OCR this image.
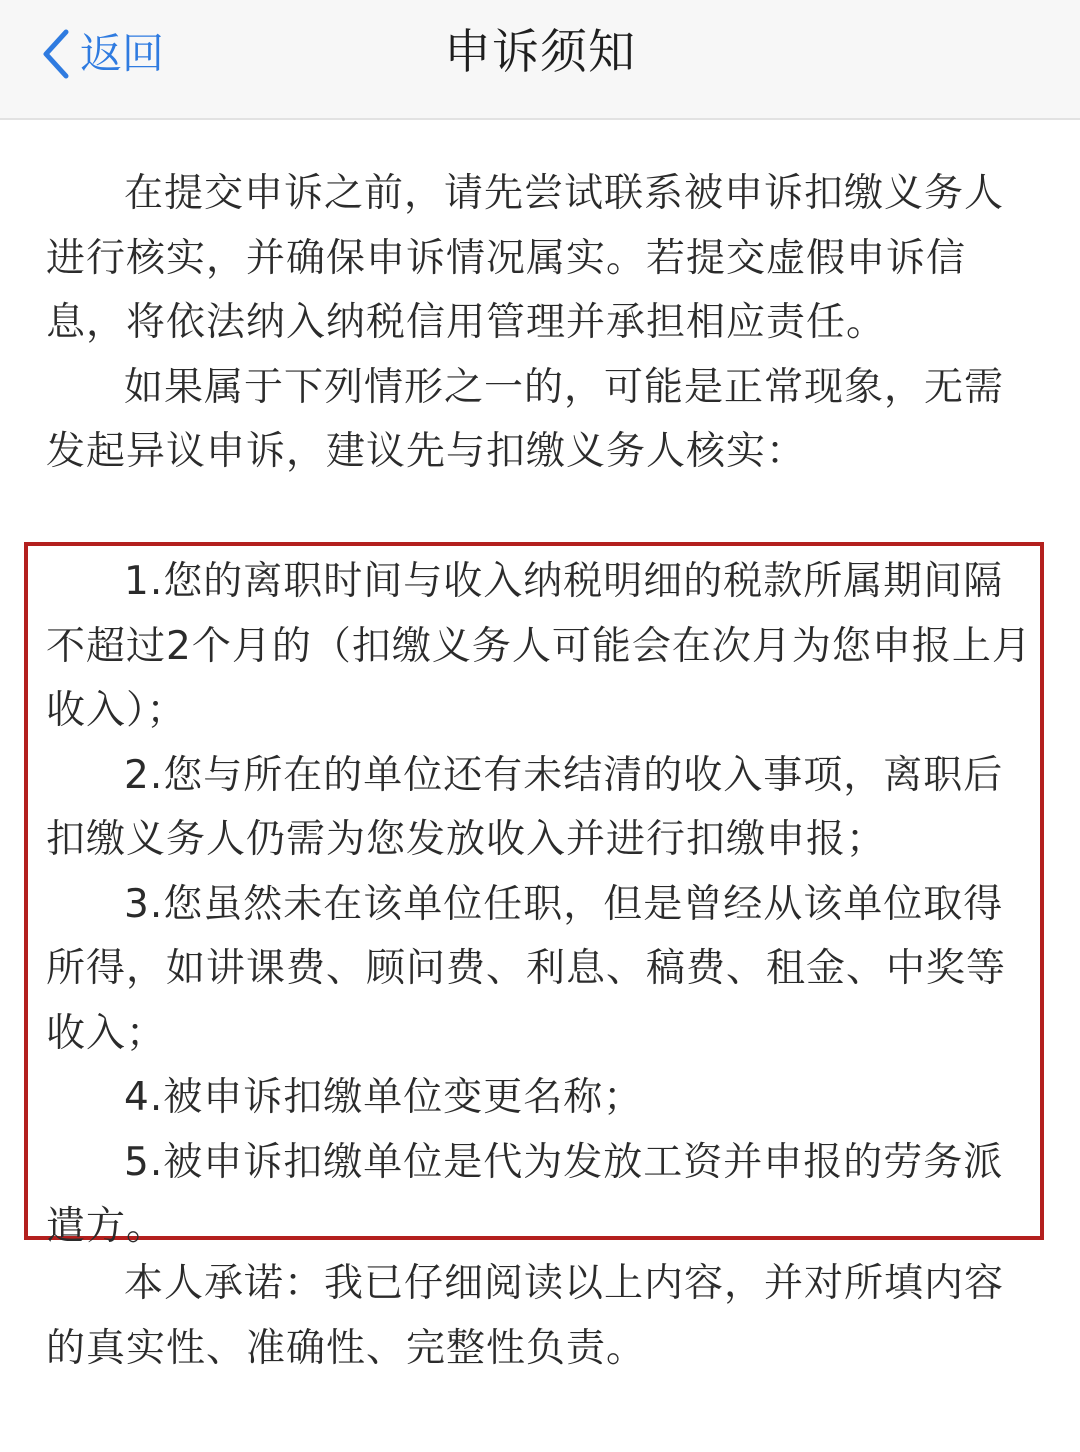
返回	申诉须知

在提交申诉之前，请先尝试联系被申诉扣缴义务人进行核实，并确保申诉情况属实。若提交虚假申诉信息，将依法纳入纳税信用管理并承担相应责任。

如果属于下列情形之一的，可能是正常现象，无需发起异议申诉，建议先与扣缴义务人核实：

1.您的离职时间与收入纳税明细的税款所属期间隔不超过2个月的（扣缴义务人可能会在次月为您申报上月收入）；

2.您与所在的单位还有未结清的收入事项，离职后扣缴义务人仍需为您发放收入并进行扣缴申报；

3.您虽然未在该单位任职，但是曾经从该单位取得所得，如讲课费、顾问费、利息、稿费、租金、中奖等收入；

4.被申诉扣缴单位变更名称；

5.被申诉扣缴单位是代为发放工资并申报的劳务派遣方。

本人承诺：我已仔细阅读以上内容，并对所填内容的真实性、准确性、完整性负责。
